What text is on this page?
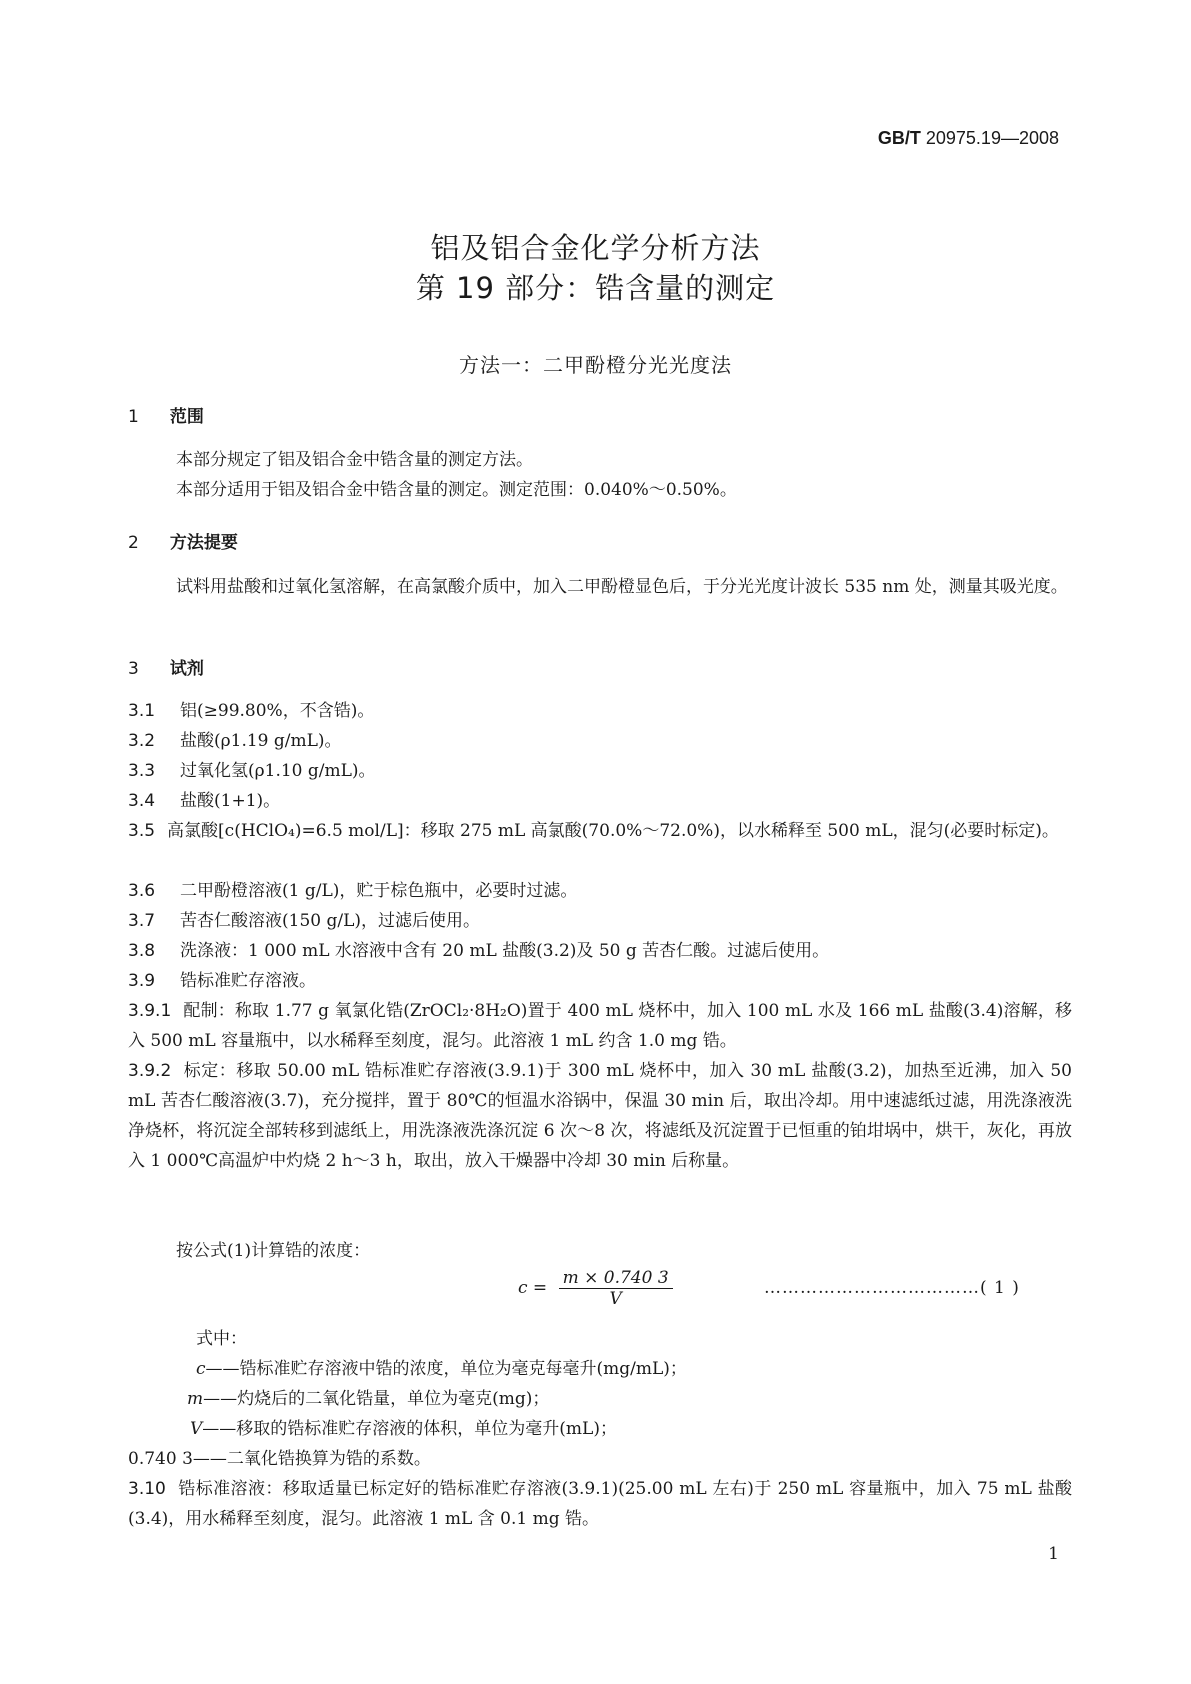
GB/T 20975.19—2008
铝及铝合金化学分析方法
第 19 部分：锆含量的测定
方法一：二甲酚橙分光光度法
1 范围
本部分规定了铝及铝合金中锆含量的测定方法。
本部分适用于铝及铝合金中锆含量的测定。测定范围：0.040%～0.50%。
2 方法提要
试料用盐酸和过氧化氢溶解，在高氯酸介质中，加入二甲酚橙显色后，于分光光度计波长 535 nm 处，测量其吸光度。
3 试剂
3.1 铝(≥99.80%，不含锆)。
3.2 盐酸(ρ1.19 g/mL)。
3.3 过氧化氢(ρ1.10 g/mL)。
3.4 盐酸(1+1)。
3.5 高氯酸[c(HClO₄)=6.5 mol/L]：移取 275 mL 高氯酸(70.0%～72.0%)，以水稀释至 500 mL，混匀(必要时标定)。
3.6 二甲酚橙溶液(1 g/L)，贮于棕色瓶中，必要时过滤。
3.7 苦杏仁酸溶液(150 g/L)，过滤后使用。
3.8 洗涤液：1 000 mL 水溶液中含有 20 mL 盐酸(3.2)及 50 g 苦杏仁酸。过滤后使用。
3.9 锆标准贮存溶液。
3.9.1 配制：称取 1.77 g 氧氯化锆(ZrOCl₂·8H₂O)置于 400 mL 烧杯中，加入 100 mL 水及 166 mL 盐酸(3.4)溶解，移入 500 mL 容量瓶中，以水稀释至刻度，混匀。此溶液 1 mL 约含 1.0 mg 锆。
3.9.2 标定：移取 50.00 mL 锆标准贮存溶液(3.9.1)于 300 mL 烧杯中，加入 30 mL 盐酸(3.2)，加热至近沸，加入 50 mL 苦杏仁酸溶液(3.7)，充分搅拌，置于 80℃的恒温水浴锅中，保温 30 min 后，取出冷却。用中速滤纸过滤，用洗涤液洗净烧杯，将沉淀全部转移到滤纸上，用洗涤液洗涤沉淀 6 次～8 次，将滤纸及沉淀置于已恒重的铂坩埚中，烘干，灰化，再放入 1 000℃高温炉中灼烧 2 h～3 h，取出，放入干燥器中冷却 30 min 后称量。
按公式(1)计算锆的浓度：
$c = \frac{m \times 0.740 3}{V}$	………………………………( 1 )
式中：
c——锆标准贮存溶液中锆的浓度，单位为毫克每毫升(mg/mL)；
m——灼烧后的二氧化锆量，单位为毫克(mg)；
V——移取的锆标准贮存溶液的体积，单位为毫升(mL)；
0.740 3——二氧化锆换算为锆的系数。
3.10 锆标准溶液：移取适量已标定好的锆标准贮存溶液(3.9.1)(25.00 mL 左右)于 250 mL 容量瓶中，加入 75 mL 盐酸(3.4)，用水稀释至刻度，混匀。此溶液 1 mL 含 0.1 mg 锆。
1
